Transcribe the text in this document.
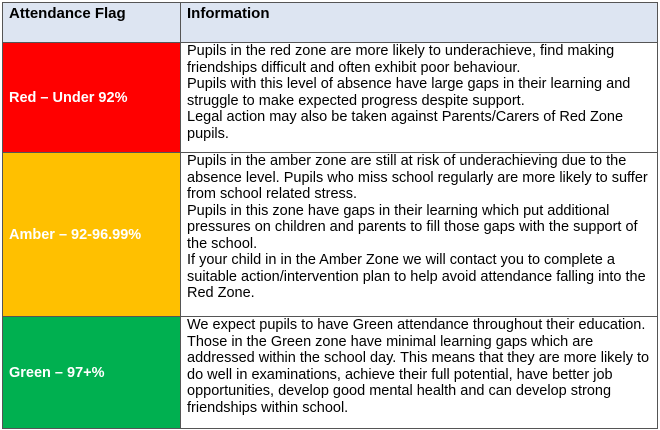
Attendance Flag	Information
Red – Under 92%	Pupils in the red zone are more likely to underachieve, find making friendships difficult and often exhibit poor behaviour.
Pupils with this level of absence have large gaps in their learning and struggle to make expected progress despite support.
Legal action may also be taken against Parents/Carers of Red Zone pupils.

Amber – 92-96.99%	Pupils in the amber zone are still at risk of underachieving due to the absence level. Pupils who miss school regularly are more likely to suffer from school related stress.
Pupils in this zone have gaps in their learning which put additional pressures on children and parents to fill those gaps with the support of the school.
If your child in in the Amber Zone we will contact you to complete a suitable action/intervention plan to help avoid attendance falling into the Red Zone.

Green – 97+%	We expect pupils to have Green attendance throughout their education. Those in the Green zone have minimal learning gaps which are addressed within the school day. This means that they are more likely to do well in examinations, achieve their full potential, have better job opportunities, develop good mental health and can develop strong friendships within school.
